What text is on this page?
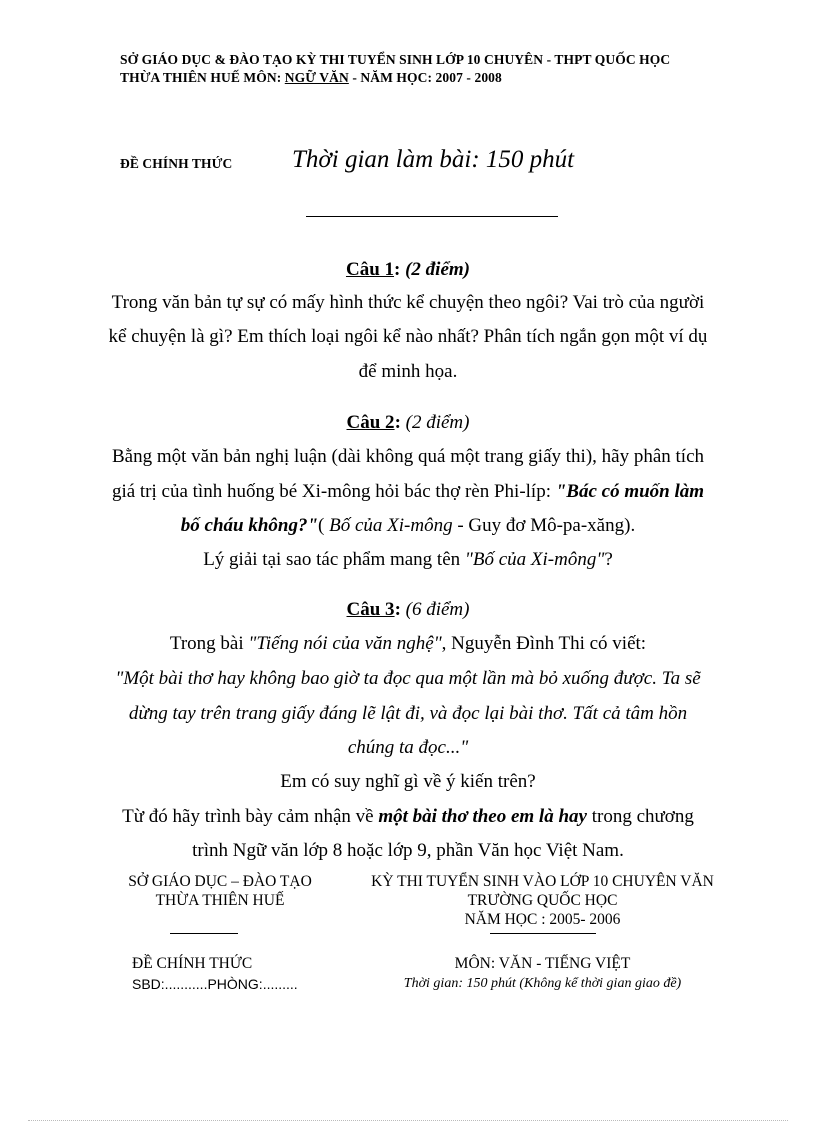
SỞ GIÁO DỤC & ĐÀO TẠO KỲ THI TUYỂN SINH LỚP 10 CHUYÊN - THPT QUỐC HỌC
THỪA THIÊN HUẾ MÔN: NGỮ VĂN - NĂM HỌC: 2007 - 2008
ĐỀ CHÍNH THỨC Thời gian làm bài: 150 phút
Câu 1: (2 điểm)
Trong văn bản tự sự có mấy hình thức kể chuyện theo ngôi? Vai trò của người
kể chuyện là gì? Em thích loại ngôi kể nào nhất? Phân tích ngắn gọn một ví dụ
để minh họa.
Câu 2: (2 điểm)
Bằng một văn bản nghị luận (dài không quá một trang giấy thi), hãy phân tích
giá trị của tình huống bé Xi-mông hỏi bác thợ rèn Phi-líp: "Bác có muốn làm
bố cháu không?"( Bố của Xi-mông - Guy đơ Mô-pa-xăng).
Lý giải tại sao tác phẩm mang tên "Bố của Xi-mông"?
Câu 3: (6 điểm)
Trong bài "Tiếng nói của văn nghệ", Nguyễn Đình Thi có viết:
"Một bài thơ hay không bao giờ ta đọc qua một lần mà bỏ xuống được. Ta sẽ
dừng tay trên trang giấy đáng lẽ lật đi, và đọc lại bài thơ. Tất cả tâm hồn
chúng ta đọc..."
Em có suy nghĩ gì về ý kiến trên?
Từ đó hãy trình bày cảm nhận về một bài thơ theo em là hay trong chương
trình Ngữ văn lớp 8 hoặc lớp 9, phần Văn học Việt Nam.
SỞ GIÁO DỤC – ĐÀO TẠO
THỪA THIÊN HUẾ
KỲ THI TUYỂN SINH VÀO LỚP 10 CHUYÊN VĂN
TRƯỜNG QUỐC HỌC
NĂM HỌC : 2005- 2006
ĐỀ CHÍNH THỨC
SBD:...........PHÒNG:.........
MÔN: VĂN - TIẾNG VIỆT
Thời gian: 150 phút (Không kể thời gian giao đề)
